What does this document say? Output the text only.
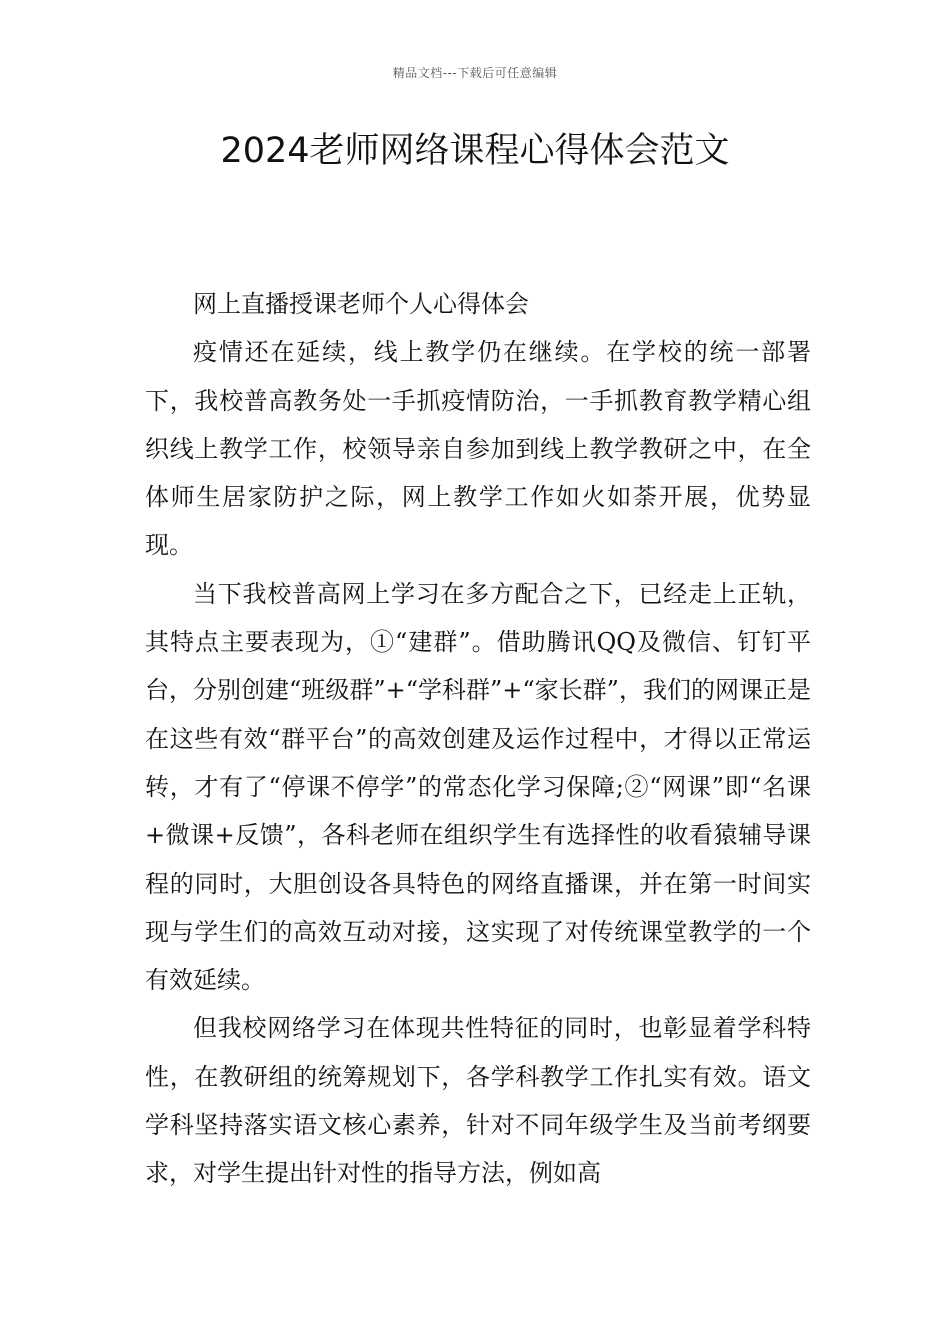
精品文档---下载后可任意编辑
2024老师网络课程心得体会范文

网上直播授课老师个人心得体会

疫情还在延续，线上教学仍在继续。在学校的统一部署下，我校普高教务处一手抓疫情防治，一手抓教育教学精心组织线上教学工作，校领导亲自参加到线上教学教研之中，在全体师生居家防护之际，网上教学工作如火如荼开展，优势显现。

当下我校普高网上学习在多方配合之下，已经走上正轨，其特点主要表现为，①“建群”。借助腾讯QQ及微信、钉钉平台，分别创建“班级群”+“学科群”+“家长群”，我们的网课正是在这些有效“群平台”的高效创建及运作过程中，才得以正常运转，才有了“停课不停学”的常态化学习保障;②“网课”即“名课+微课+反馈”，各科老师在组织学生有选择性的收看猿辅导课程的同时，大胆创设各具特色的网络直播课，并在第一时间实现与学生们的高效互动对接，这实现了对传统课堂教学的一个有效延续。

但我校网络学习在体现共性特征的同时，也彰显着学科特性，在教研组的统筹规划下，各学科教学工作扎实有效。语文学科坚持落实语文核心素养，针对不同年级学生及当前考纲要求，对学生提出针对性的指导方法，例如高
